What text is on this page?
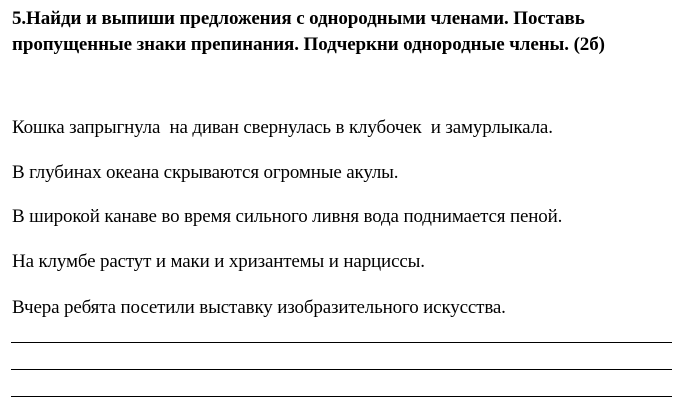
5.Найди и выпиши предложения с однородными членами. Поставь
пропущенные знаки препинания. Подчеркни однородные члены. (2б)
Кошка запрыгнула  на диван свернулась в клубочек  и замурлыкала.
В глубинах океана скрываются огромные акулы.
В широкой канаве во время сильного ливня вода поднимается пеной.
На клумбе растут и маки и хризантемы и нарциссы.
Вчера ребята посетили выставку изобразительного искусства.
